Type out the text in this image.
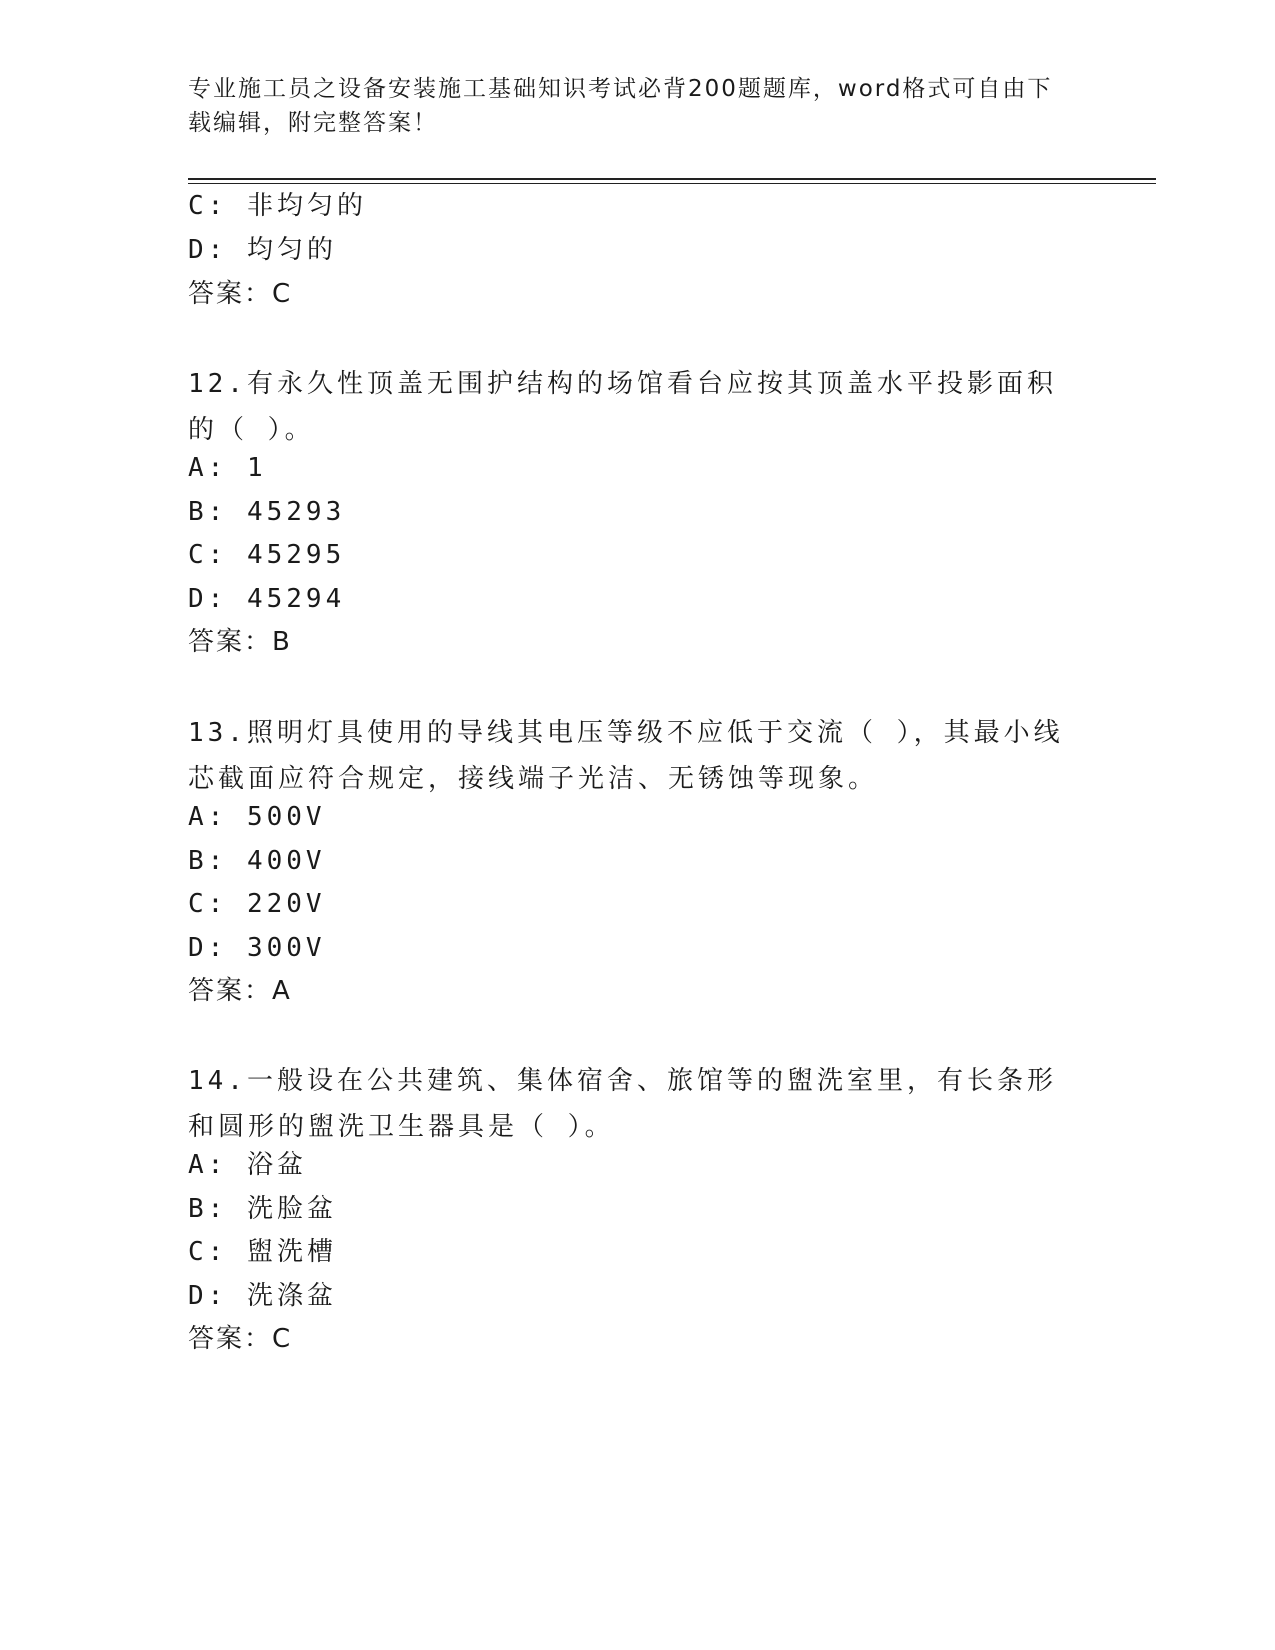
专业施工员之设备安装施工基础知识考试必背200题题库，word格式可自由下载编辑，附完整答案！
C: 非均匀的
D: 均匀的
答案：C
12.有永久性顶盖无围护结构的场馆看台应按其顶盖水平投影面积的（ ）。
A: 1
B: 45293
C: 45295
D: 45294
答案：B
13.照明灯具使用的导线其电压等级不应低于交流（ ），其最小线芯截面应符合规定，接线端子光洁、无锈蚀等现象。
A: 500V
B: 400V
C: 220V
D: 300V
答案：A
14.一般设在公共建筑、集体宿舍、旅馆等的盥洗室里，有长条形和圆形的盥洗卫生器具是（ ）。
A: 浴盆
B: 洗脸盆
C: 盥洗槽
D: 洗涤盆
答案：C
